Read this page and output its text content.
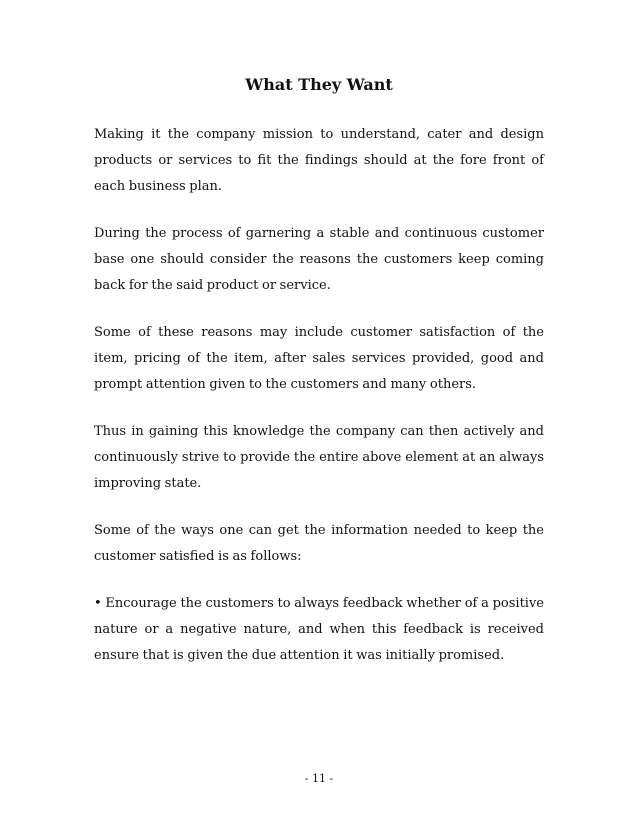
What They Want

Making it the company mission to understand, cater and design products or services to fit the findings should at the fore front of each business plan.

During the process of garnering a stable and continuous customer base one should consider the reasons the customers keep coming back for the said product or service.

Some of these reasons may include customer satisfaction of the item, pricing of the item, after sales services provided, good and prompt attention given to the customers and many others.

Thus in gaining this knowledge the company can then actively and continuously strive to provide the entire above element at an always improving state.

Some of the ways one can get the information needed to keep the customer satisfied is as follows:

• Encourage the customers to always feedback whether of a positive nature or a negative nature, and when this feedback is received ensure that is given the due attention it was initially promised.

- 11 -
